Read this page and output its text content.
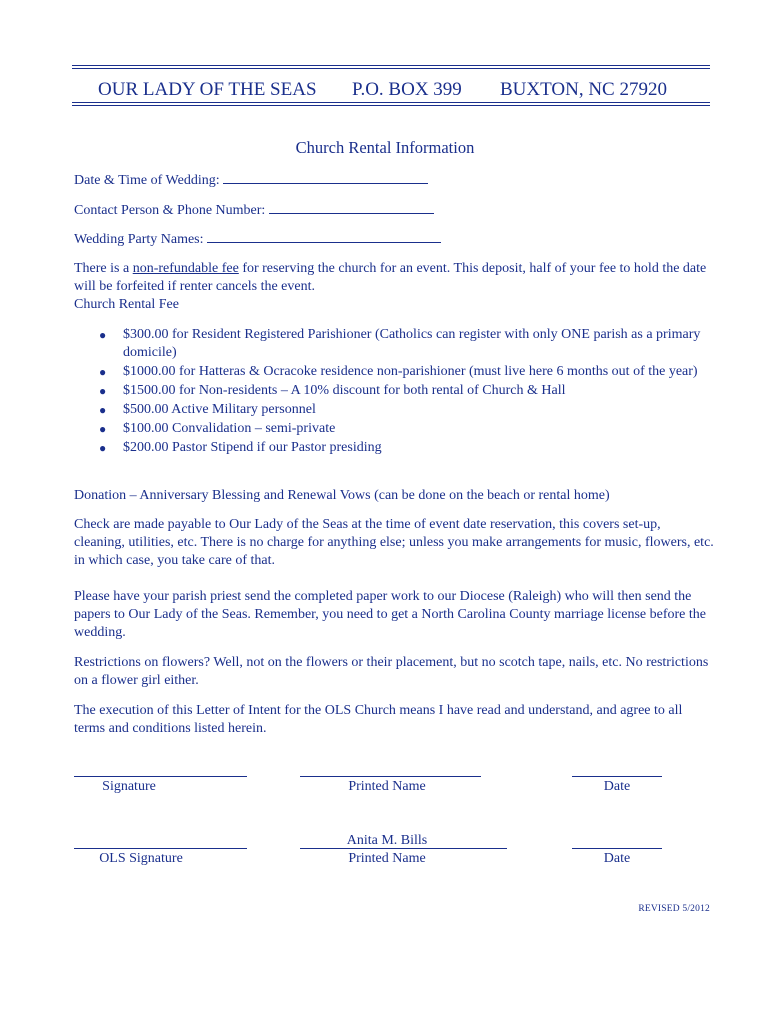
OUR LADY OF THE SEAS P.O. BOX 399 BUXTON, NC 27920
Church Rental Information
Date & Time of Wedding:
Contact Person & Phone Number:
Wedding Party Names:
There is a non-refundable fee for reserving the church for an event. This deposit, half of your fee to hold the date will be forfeited if renter cancels the event.
Church Rental Fee
● $300.00 for Resident Registered Parishioner (Catholics can register with only ONE parish as a primary domicile)
● $1000.00 for Hatteras & Ocracoke residence non-parishioner (must live here 6 months out of the year)
● $1500.00 for Non-residents – A 10% discount for both rental of Church & Hall
● $500.00 Active Military personnel
● $100.00 Convalidation – semi-private
● $200.00 Pastor Stipend if our Pastor presiding
Donation – Anniversary Blessing and Renewal Vows (can be done on the beach or rental home)
Check are made payable to Our Lady of the Seas at the time of event date reservation, this covers set-up, cleaning, utilities, etc. There is no charge for anything else; unless you make arrangements for music, flowers, etc. in which case, you take care of that.
Please have your parish priest send the completed paper work to our Diocese (Raleigh) who will then send the papers to Our Lady of the Seas. Remember, you need to get a North Carolina County marriage license before the wedding.
Restrictions on flowers? Well, not on the flowers or their placement, but no scotch tape, nails, etc. No restrictions on a flower girl either.
The execution of this Letter of Intent for the OLS Church means I have read and understand, and agree to all terms and conditions listed herein.
Signature	Printed Name	Date
Anita M. Bills
OLS Signature	Printed Name	Date
REVISED 5/2012
